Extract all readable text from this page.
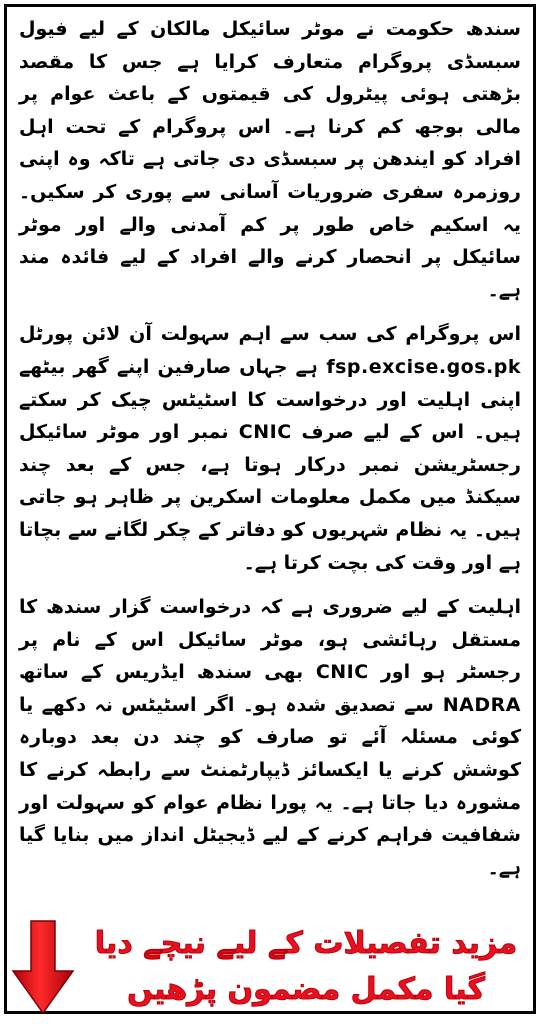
سندھ حکومت نے موٹر سائیکل مالکان کے لیے فیول سبسڈی پروگرام متعارف کرایا ہے جس کا مقصد بڑھتی ہوئی پیٹرول کی قیمتوں کے باعث عوام پر مالی بوجھ کم کرنا ہے۔ اس پروگرام کے تحت اہل افراد کو ایندھن پر سبسڈی دی جاتی ہے تاکہ وہ اپنی روزمرہ سفری ضروریات آسانی سے پوری کر سکیں۔ یہ اسکیم خاص طور پر کم آمدنی والے اور موٹر سائیکل پر انحصار کرنے والے افراد کے لیے فائدہ مند ہے۔

اس پروگرام کی سب سے اہم سہولت آن لائن پورٹل fsp.excise.gos.pk ہے جہاں صارفین اپنے گھر بیٹھے اپنی اہلیت اور درخواست کا اسٹیٹس چیک کر سکتے ہیں۔ اس کے لیے صرف CNIC نمبر اور موٹر سائیکل رجسٹریشن نمبر درکار ہوتا ہے، جس کے بعد چند سیکنڈ میں مکمل معلومات اسکرین پر ظاہر ہو جاتی ہیں۔ یہ نظام شہریوں کو دفاتر کے چکر لگانے سے بچاتا ہے اور وقت کی بچت کرتا ہے۔

اہلیت کے لیے ضروری ہے کہ درخواست گزار سندھ کا مستقل رہائشی ہو، موٹر سائیکل اس کے نام پر رجسٹر ہو اور CNIC بھی سندھ ایڈریس کے ساتھ NADRA سے تصدیق شدہ ہو۔ اگر اسٹیٹس نہ دکھے یا کوئی مسئلہ آئے تو صارف کو چند دن بعد دوبارہ کوشش کرنے یا ایکسائز ڈیپارٹمنٹ سے رابطہ کرنے کا مشورہ دیا جاتا ہے۔ یہ پورا نظام عوام کو سہولت اور شفافیت فراہم کرنے کے لیے ڈیجیٹل انداز میں بنایا گیا ہے۔

مزید تفصیلات کے لیے نیچے دیا
گیا مکمل مضمون پڑھیں
